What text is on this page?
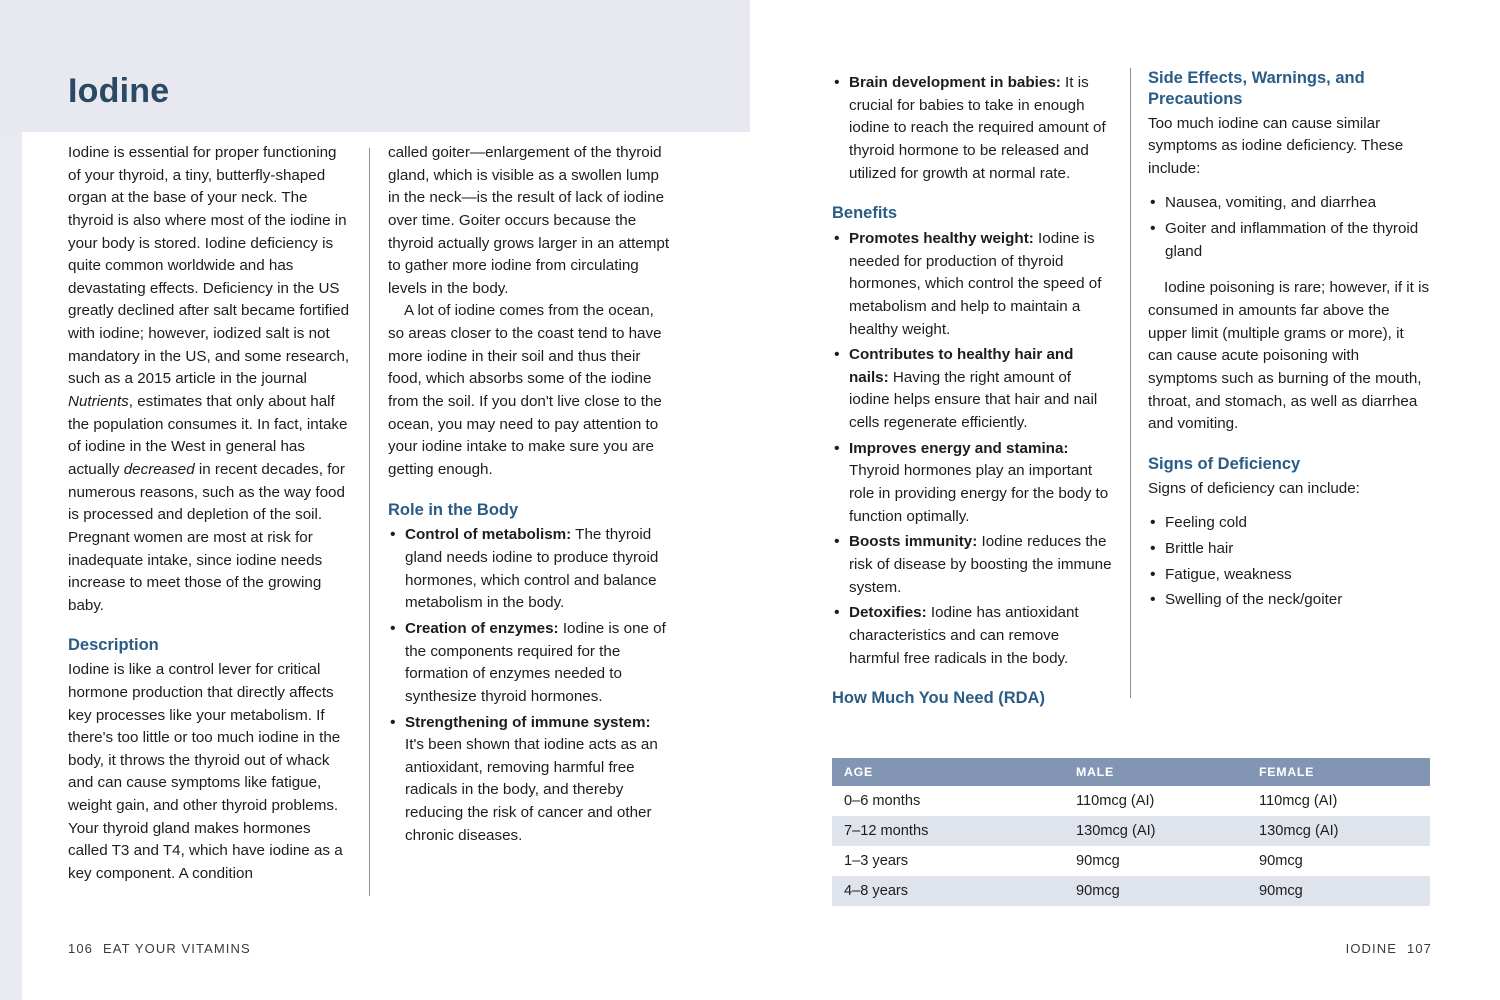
Iodine

Iodine is essential for proper functioning of your thyroid, a tiny, butterfly-shaped organ at the base of your neck. The thyroid is also where most of the iodine in your body is stored. Iodine deficiency is quite common worldwide and has devastating effects. Deficiency in the US greatly declined after salt became fortified with iodine; however, iodized salt is not mandatory in the US, and some research, such as a 2015 article in the journal Nutrients, estimates that only about half the population consumes it. In fact, intake of iodine in the West in general has actually decreased in recent decades, for numerous reasons, such as the way food is processed and depletion of the soil. Pregnant women are most at risk for inadequate intake, since iodine needs increase to meet those of the growing baby.

Description

Iodine is like a control lever for critical hormone production that directly affects key processes like your metabolism. If there's too little or too much iodine in the body, it throws the thyroid out of whack and can cause symptoms like fatigue, weight gain, and other thyroid problems. Your thyroid gland makes hormones called T3 and T4, which have iodine as a key component. A condition

called goiter—enlargement of the thyroid gland, which is visible as a swollen lump in the neck—is the result of lack of iodine over time. Goiter occurs because the thyroid actually grows larger in an attempt to gather more iodine from circulating levels in the body.

A lot of iodine comes from the ocean, so areas closer to the coast tend to have more iodine in their soil and thus their food, which absorbs some of the iodine from the soil. If you don't live close to the ocean, you may need to pay attention to your iodine intake to make sure you are getting enough.

Role in the Body
• Control of metabolism: The thyroid gland needs iodine to produce thyroid hormones, which control and balance metabolism in the body.
• Creation of enzymes: Iodine is one of the components required for the formation of enzymes needed to synthesize thyroid hormones.
• Strengthening of immune system: It's been shown that iodine acts as an antioxidant, removing harmful free radicals in the body, and thereby reducing the risk of cancer and other chronic diseases.
• Brain development in babies: It is crucial for babies to take in enough iodine to reach the required amount of thyroid hormone to be released and utilized for growth at normal rate.
Benefits
• Promotes healthy weight: Iodine is needed for production of thyroid hormones, which control the speed of metabolism and help to maintain a healthy weight.
• Contributes to healthy hair and nails: Having the right amount of iodine helps ensure that hair and nail cells regenerate efficiently.
• Improves energy and stamina: Thyroid hormones play an important role in providing energy for the body to function optimally.
• Boosts immunity: Iodine reduces the risk of disease by boosting the immune system.
• Detoxifies: Iodine has antioxidant characteristics and can remove harmful free radicals in the body.
How Much You Need (RDA)
Side Effects, Warnings, and Precautions

Too much iodine can cause similar symptoms as iodine deficiency. These include:

• Nausea, vomiting, and diarrhea
• Goiter and inflammation of the thyroid gland

Iodine poisoning is rare; however, if it is consumed in amounts far above the upper limit (multiple grams or more), it can cause acute poisoning with symptoms such as burning of the mouth, throat, and stomach, as well as diarrhea and vomiting.

Signs of Deficiency

Signs of deficiency can include:

• Feeling cold
• Brittle hair
• Fatigue, weakness
• Swelling of the neck/goiter
AGE	MALE	FEMALE
0–6 months	110mcg (AI)	110mcg (AI)
7–12 months	130mcg (AI)	130mcg (AI)
1–3 years	90mcg	90mcg
4–8 years	90mcg	90mcg
106 EAT YOUR VITAMINS	IODINE 107
